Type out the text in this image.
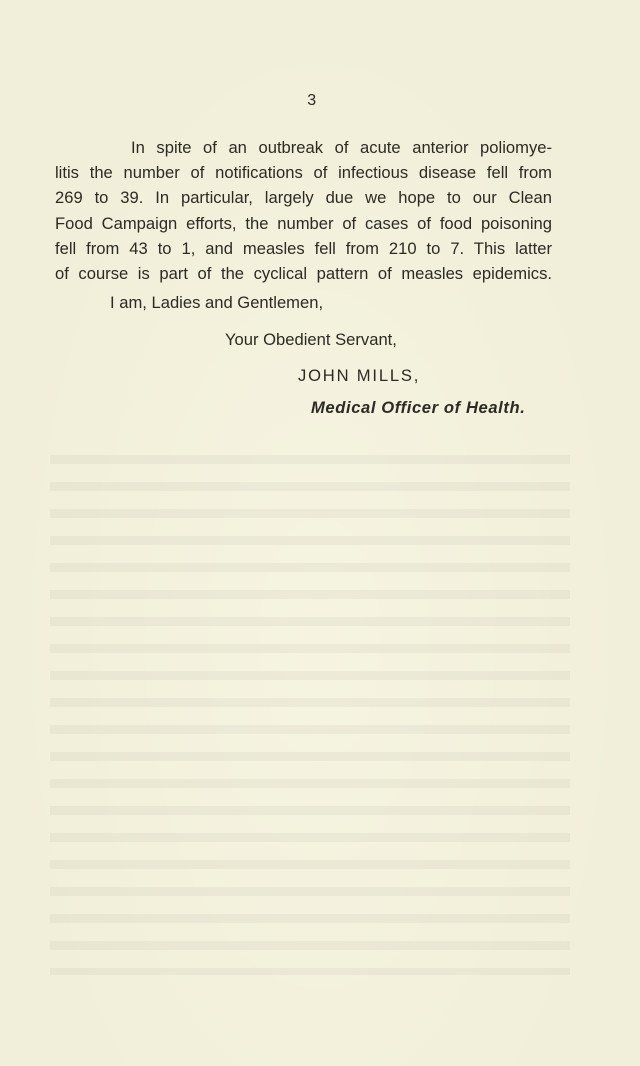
3
In spite of an outbreak of acute anterior poliomye-
litis the number of notifications of infectious disease fell from
269 to 39. In particular, largely due we hope to our Clean
Food Campaign efforts, the number of cases of food poisoning
fell from 43 to 1, and measles fell from 210 to 7. This latter
of course is part of the cyclical pattern of measles epidemics.
I am, Ladies and Gentlemen,
Your Obedient Servant,
JOHN MILLS,
Medical Officer of Health.
